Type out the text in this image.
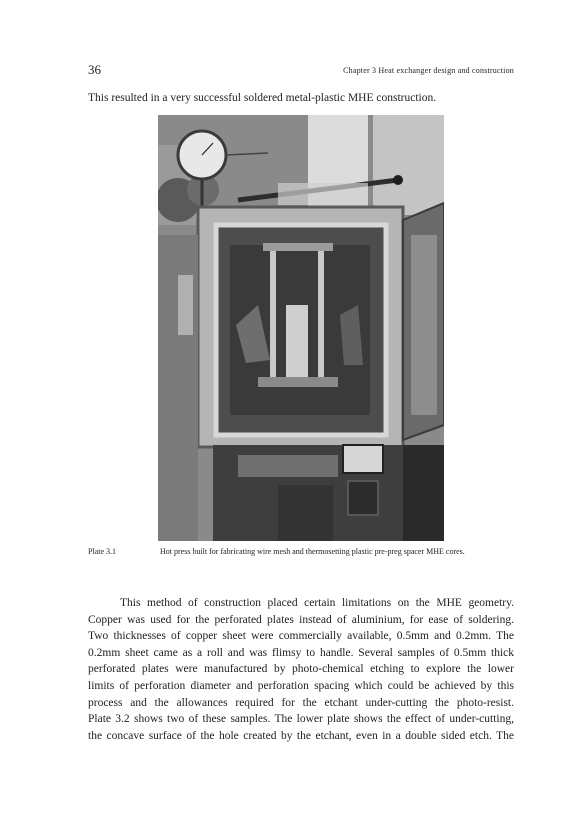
36	Chapter 3 Heat exchanger design and construction
This resulted in a very successful soldered metal-plastic MHE construction.
Plate 3.1	Hot press built for fabricating wire mesh and thermosetting plastic pre-preg spacer MHE cores.
This method of construction placed certain limitations on the MHE geometry.
Copper was used for the perforated plates instead of aluminium, for ease of soldering.
Two thicknesses of copper sheet were commercially available, 0.5mm and 0.2mm. The
0.2mm sheet came as a roll and was flimsy to handle. Several samples of 0.5mm thick
perforated plates were manufactured by photo-chemical etching to explore the lower
limits of perforation diameter and perforation spacing which could be achieved by this
process and the allowances required for the etchant under-cutting the photo-resist.
Plate 3.2 shows two of these samples. The lower plate shows the effect of under-cutting,
the concave surface of the hole created by the etchant, even in a double sided etch. The
